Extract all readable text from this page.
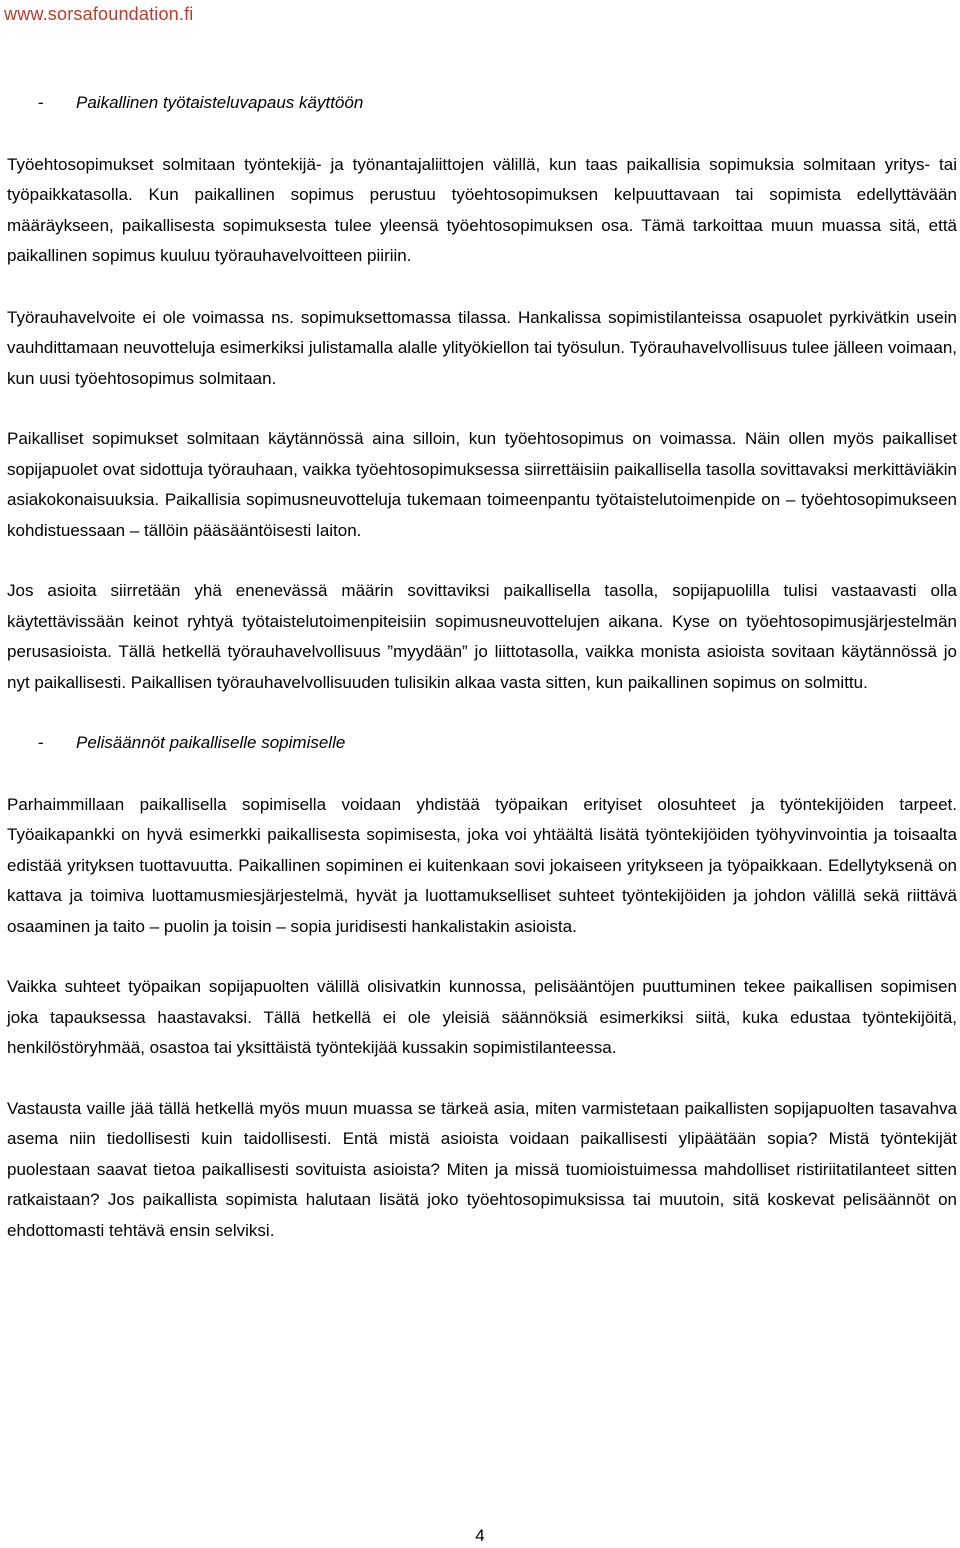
www.sorsafoundation.fi
-	Paikallinen työtaisteluvapaus käyttöön

Työehtosopimukset solmitaan työntekijä- ja työnantajaliittojen välillä, kun taas paikallisia sopimuksia solmitaan yritys- tai työpaikkatasolla. Kun paikallinen sopimus perustuu työehtosopimuksen kelpuuttavaan tai sopimista edellyttävään määräykseen, paikallisesta sopimuksesta tulee yleensä työehtosopimuksen osa. Tämä tarkoittaa muun muassa sitä, että paikallinen sopimus kuuluu työrauhavelvoitteen piiriin.

Työrauhavelvoite ei ole voimassa ns. sopimuksettomassa tilassa. Hankalissa sopimistilanteissa osapuolet pyrkivätkin usein vauhdittamaan neuvotteluja esimerkiksi julistamalla alalle ylityökiellon tai työsulun. Työrauhavelvollisuus tulee jälleen voimaan, kun uusi työehtosopimus solmitaan.

Paikalliset sopimukset solmitaan käytännössä aina silloin, kun työehtosopimus on voimassa. Näin ollen myös paikalliset sopijapuolet ovat sidottuja työrauhaan, vaikka työehtosopimuksessa siirrettäisiin paikallisella tasolla sovittavaksi merkittäviäkin asiakokonaisuuksia. Paikallisia sopimusneuvotteluja tukemaan toimeenpantu työtaistelutoimenpide on – työehtosopimukseen kohdistuessaan – tällöin pääsääntöisesti laiton.

Jos asioita siirretään yhä enenevässä määrin sovittaviksi paikallisella tasolla, sopijapuolilla tulisi vastaavasti olla käytettävissään keinot ryhtyä työtaistelutoimenpiteisiin sopimusneuvottelujen aikana. Kyse on työehtosopimusjärjestelmän perusasioista. Tällä hetkellä työrauhavelvollisuus ”myydään” jo liittotasolla, vaikka monista asioista sovitaan käytännössä jo nyt paikallisesti. Paikallisen työrauhavelvollisuuden tulisikin alkaa vasta sitten, kun paikallinen sopimus on solmittu.

-	Pelisäännöt paikalliselle sopimiselle

Parhaimmillaan paikallisella sopimisella voidaan yhdistää työpaikan erityiset olosuhteet ja työntekijöiden tarpeet. Työaikapankki on hyvä esimerkki paikallisesta sopimisesta, joka voi yhtäältä lisätä työntekijöiden työhyvinvointia ja toisaalta edistää yrityksen tuottavuutta. Paikallinen sopiminen ei kuitenkaan sovi jokaiseen yritykseen ja työpaikkaan. Edellytyksenä on kattava ja toimiva luottamusmiesjärjestelmä, hyvät ja luottamukselliset suhteet työntekijöiden ja johdon välillä sekä riittävä osaaminen ja taito – puolin ja toisin – sopia juridisesti hankalistakin asioista.

Vaikka suhteet työpaikan sopijapuolten välillä olisivatkin kunnossa, pelisääntöjen puuttuminen tekee paikallisen sopimisen joka tapauksessa haastavaksi. Tällä hetkellä ei ole yleisiä säännöksiä esimerkiksi siitä, kuka edustaa työntekijöitä, henkilöstöryhmää, osastoa tai yksittäistä työntekijää kussakin sopimistilanteessa.

Vastausta vaille jää tällä hetkellä myös muun muassa se tärkeä asia, miten varmistetaan paikallisten sopijapuolten tasavahva asema niin tiedollisesti kuin taidollisesti. Entä mistä asioista voidaan paikallisesti ylipäätään sopia? Mistä työntekijät puolestaan saavat tietoa paikallisesti sovituista asioista? Miten ja missä tuomioistuimessa mahdolliset ristiriitatilanteet sitten ratkaistaan? Jos paikallista sopimista halutaan lisätä joko työehtosopimuksissa tai muutoin, sitä koskevat pelisäännöt on ehdottomasti tehtävä ensin selviksi.

4
